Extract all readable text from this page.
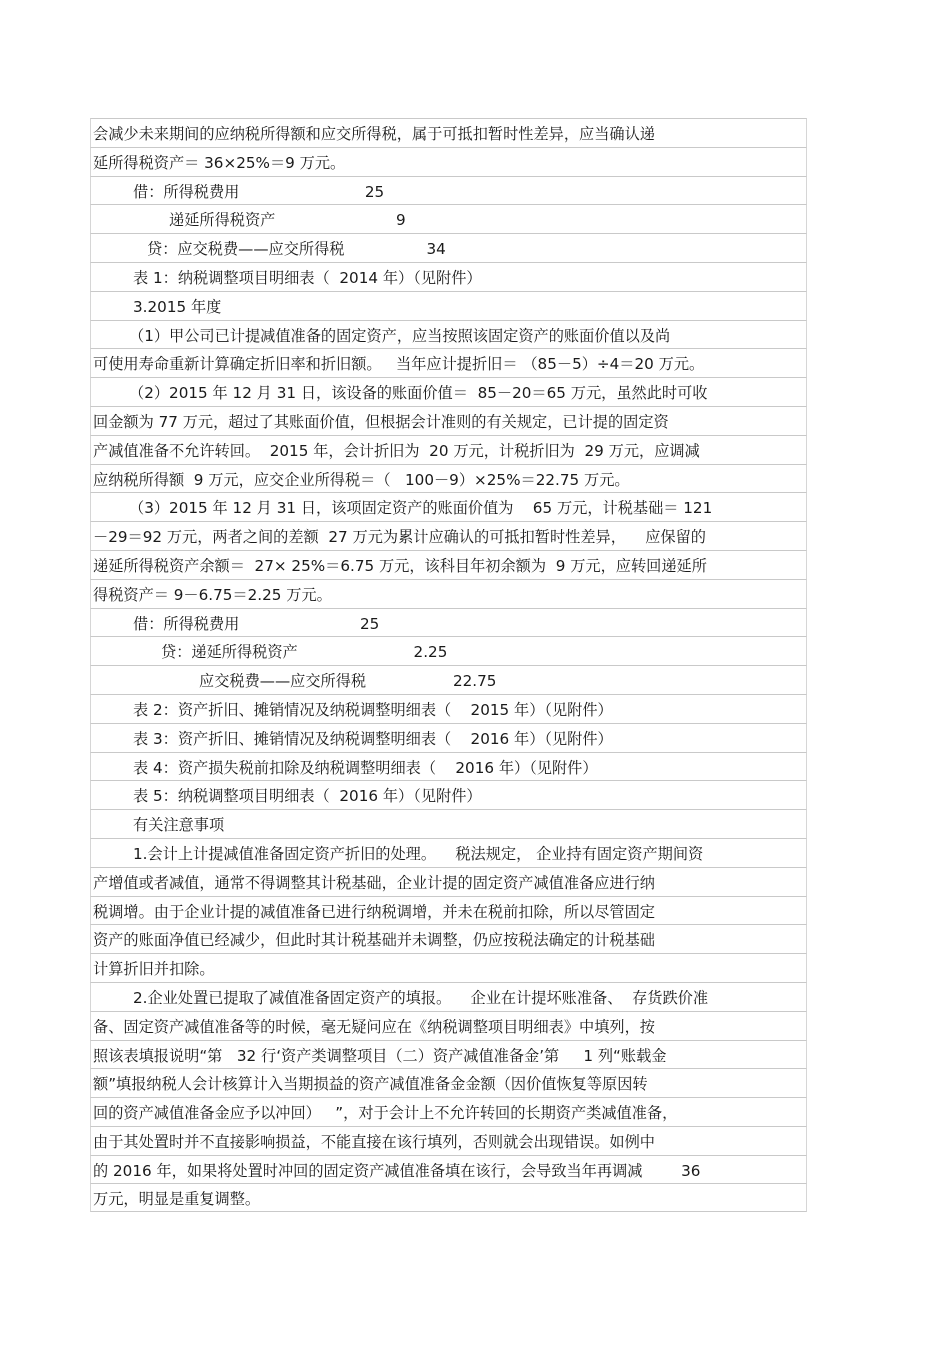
会减少未来期间的应纳税所得额和应交所得税，属于可抵扣暂时性差异，应当确认递
延所得税资产＝ 36×25%＝9 万元。
借：所得税费用                          25
递延所得税资产                         9
贷：应交税费——应交所得税                 34
表 1：纳税调整项目明细表（  2014 年）（见附件）
3.2015 年度
（1）甲公司已计提减值准备的固定资产，应当按照该固定资产的账面价值以及尚
可使用寿命重新计算确定折旧率和折旧额。   当年应计提折旧＝ （85－5）÷4＝20 万元。
（2）2015 年 12 月 31 日，该设备的账面价值＝  85－20＝65 万元，虽然此时可收
回金额为 77 万元，超过了其账面价值，但根据会计准则的有关规定，已计提的固定资
产减值准备不允许转回。  2015 年，会计折旧为  20 万元，计税折旧为  29 万元，应调减
应纳税所得额  9 万元，应交企业所得税＝（   100－9）×25%＝22.75 万元。
（3）2015 年 12 月 31 日，该项固定资产的账面价值为    65 万元，计税基础＝ 121
－29＝92 万元，两者之间的差额  27 万元为累计应确认的可抵扣暂时性差异，    应保留的
递延所得税资产余额＝  27× 25%＝6.75 万元，该科目年初余额为  9 万元，应转回递延所
得税资产＝ 9－6.75＝2.25 万元。
借：所得税费用                         25
贷：递延所得税资产                        2.25
应交税费——应交所得税                  22.75
表 2：资产折旧、摊销情况及纳税调整明细表（    2015 年）（见附件）
表 3：资产折旧、摊销情况及纳税调整明细表（    2016 年）（见附件）
表 4：资产损失税前扣除及纳税调整明细表（    2016 年）（见附件）
表 5：纳税调整项目明细表（  2016 年）（见附件）
有关注意事项
1.会计上计提减值准备固定资产折旧的处理。    税法规定， 企业持有固定资产期间资
产增值或者减值，通常不得调整其计税基础，企业计提的固定资产减值准备应进行纳
税调增。由于企业计提的减值准备已进行纳税调增，并未在税前扣除，所以尽管固定
资产的账面净值已经减少，但此时其计税基础并未调整，仍应按税法确定的计税基础
计算折旧并扣除。
2.企业处置已提取了减值准备固定资产的填报。    企业在计提坏账准备、  存货跌价准
备、固定资产减值准备等的时候，毫无疑问应在《纳税调整项目明细表》中填列，按
照该表填报说明“第   32 行‘资产类调整项目（二）资产减值准备金’第     1 列“账载金
额”填报纳税人会计核算计入当期损益的资产减值准备金金额（因价值恢复等原因转
回的资产减值准备金应予以冲回）   ”，对于会计上不允许转回的长期资产类减值准备，
由于其处置时并不直接影响损益，不能直接在该行填列，否则就会出现错误。如例中
的 2016 年，如果将处置时冲回的固定资产减值准备填在该行，会导致当年再调减        36
万元，明显是重复调整。
